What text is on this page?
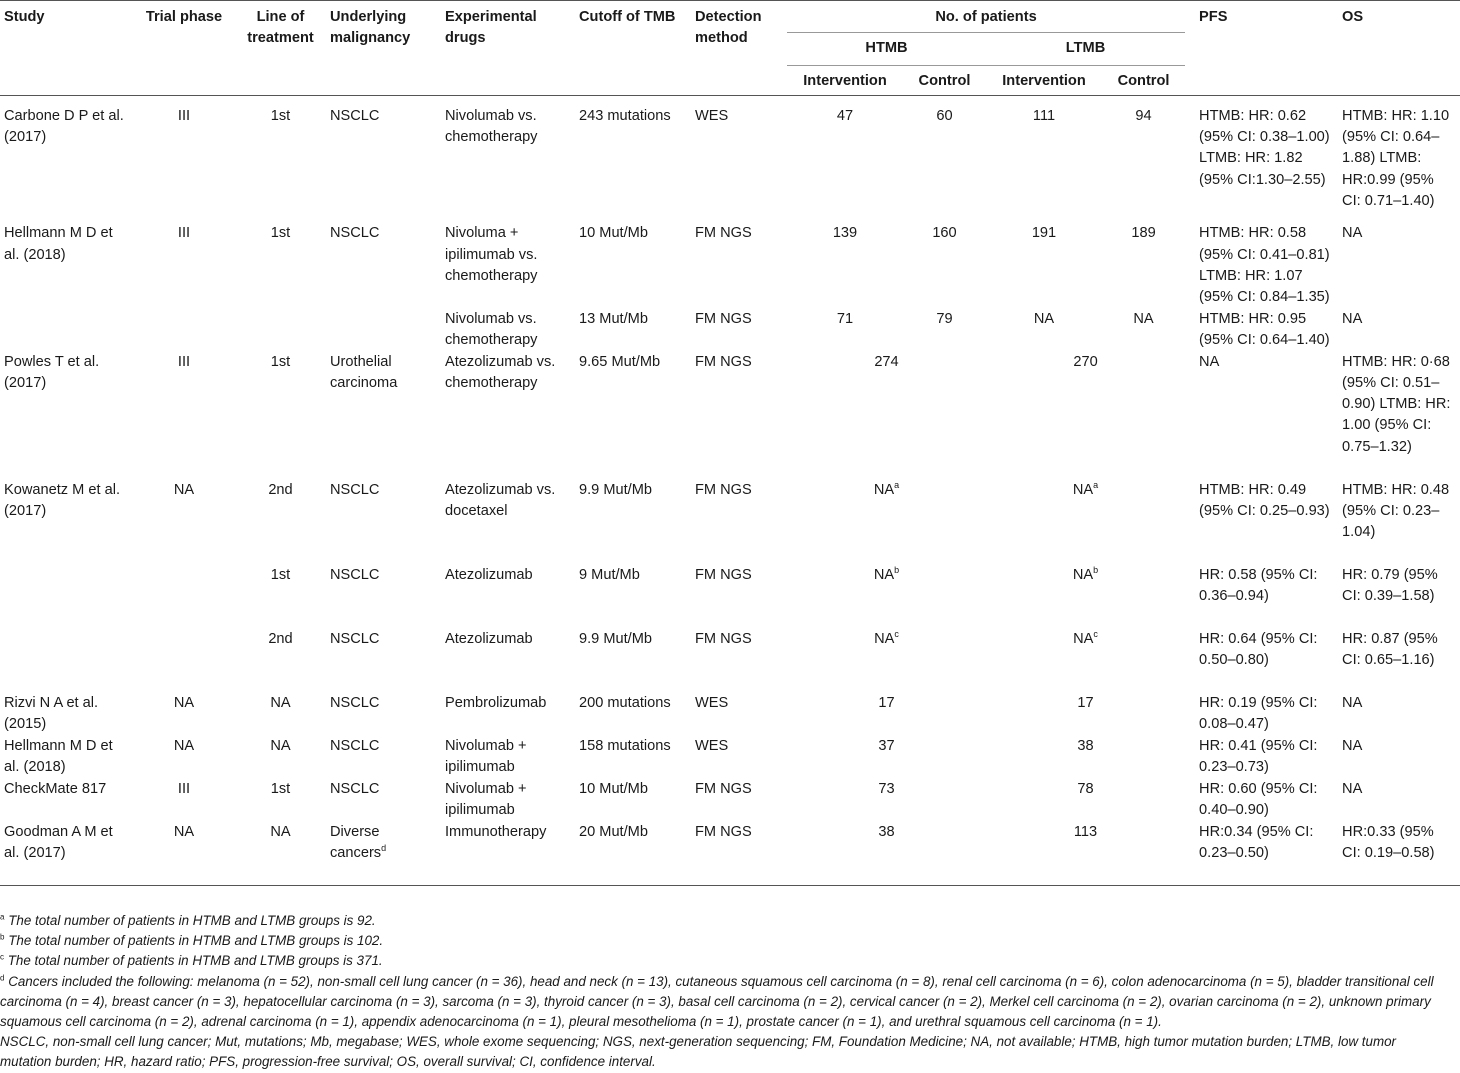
Study	Trial phase	Line of treatment	Underlying malignancy	Experimental drugs	Cutoff of TMB	Detection method	No. of patients				PFS	OS
							HTMB		LTMB			
							Intervention	Control	Intervention	Control		
Carbone D P et al. (2017)	III	1st	NSCLC	Nivolumab vs. chemotherapy	243 mutations	WES	47	60	111	94	HTMB: HR: 0.62 (95% CI: 0.38–1.00) LTMB: HR: 1.82 (95% CI:1.30–2.55)	HTMB: HR: 1.10 (95% CI: 0.64–1.88) LTMB: HR:0.99 (95% CI: 0.71–1.40)
Hellmann M D et al. (2018)	III	1st	NSCLC	Nivoluma + ipilimumab vs. chemotherapy	10 Mut/Mb	FM NGS	139	160	191	189	HTMB: HR: 0.58 (95% CI: 0.41–0.81) LTMB: HR: 1.07 (95% CI: 0.84–1.35)	NA
				Nivolumab vs. chemotherapy	13 Mut/Mb	FM NGS	71	79	NA	NA	HTMB: HR: 0.95 (95% CI: 0.64–1.40)	NA
Powles T et al. (2017)	III	1st	Urothelial carcinoma	Atezolizumab vs. chemotherapy	9.65 Mut/Mb	FM NGS	274		270		NA	HTMB: HR: 0·68 (95% CI: 0.51–0.90) LTMB: HR: 1.00 (95% CI: 0.75–1.32)
Kowanetz M et al. (2017)	NA	2nd	NSCLC	Atezolizumab vs. docetaxel	9.9 Mut/Mb	FM NGS	$NA^a$		$NA^a$		HTMB: HR: 0.49 (95% CI: 0.25–0.93)	HTMB: HR: 0.48 (95% CI: 0.23–1.04)
		1st	NSCLC	Atezolizumab	9 Mut/Mb	FM NGS	$NA^b$		$NA^b$		HR: 0.58 (95% CI: 0.36–0.94)	HR: 0.79 (95% CI: 0.39–1.58)
		2nd	NSCLC	Atezolizumab	9.9 Mut/Mb	FM NGS	$NA^c$		$NA^c$		HR: 0.64 (95% CI: 0.50–0.80)	HR: 0.87 (95% CI: 0.65–1.16)
Rizvi N A et al. (2015)	NA	NA	NSCLC	Pembrolizumab	200 mutations	WES	17		17		HR: 0.19 (95% CI: 0.08–0.47)	NA
Hellmann M D et al. (2018)	NA	NA	NSCLC	Nivolumab + ipilimumab	158 mutations	WES	37		38		HR: 0.41 (95% CI: 0.23–0.73)	NA
CheckMate 817	III	1st	NSCLC	Nivolumab + ipilimumab	10 Mut/Mb	FM NGS	73		78		HR: 0.60 (95% CI: 0.40–0.90)	NA
Goodman A M et al. (2017)	NA	NA	Diverse cancers$^d$	Immunotherapy	20 Mut/Mb	FM NGS	38		113		HR:0.34 (95% CI: 0.23–0.50)	HR:0.33 (95% CI: 0.19–0.58)

$^a$ The total number of patients in HTMB and LTMB groups is 92.

$^b$ The total number of patients in HTMB and LTMB groups is 102.

$^c$ The total number of patients in HTMB and LTMB groups is 371.

$^d$ Cancers included the following: melanoma (n = 52), non-small cell lung cancer (n = 36), head and neck (n = 13), cutaneous squamous cell carcinoma (n = 8), renal cell carcinoma (n = 6), colon adenocarcinoma (n = 5), bladder transitional cell carcinoma (n = 4), breast cancer (n = 3), hepatocellular carcinoma (n = 3), sarcoma (n = 3), thyroid cancer (n = 3), basal cell carcinoma (n = 2), cervical cancer (n = 2), Merkel cell carcinoma (n = 2), ovarian carcinoma (n = 2), unknown primary squamous cell carcinoma (n = 2), adrenal carcinoma (n = 1), appendix adenocarcinoma (n = 1), pleural mesothelioma (n = 1), prostate cancer (n = 1), and urethral squamous cell carcinoma (n = 1).

NSCLC, non-small cell lung cancer; Mut, mutations; Mb, megabase; WES, whole exome sequencing; NGS, next-generation sequencing; FM, Foundation Medicine; NA, not available; HTMB, high tumor mutation burden; LTMB, low tumor mutation burden; HR, hazard ratio; PFS, progression-free survival; OS, overall survival; CI, confidence interval.
